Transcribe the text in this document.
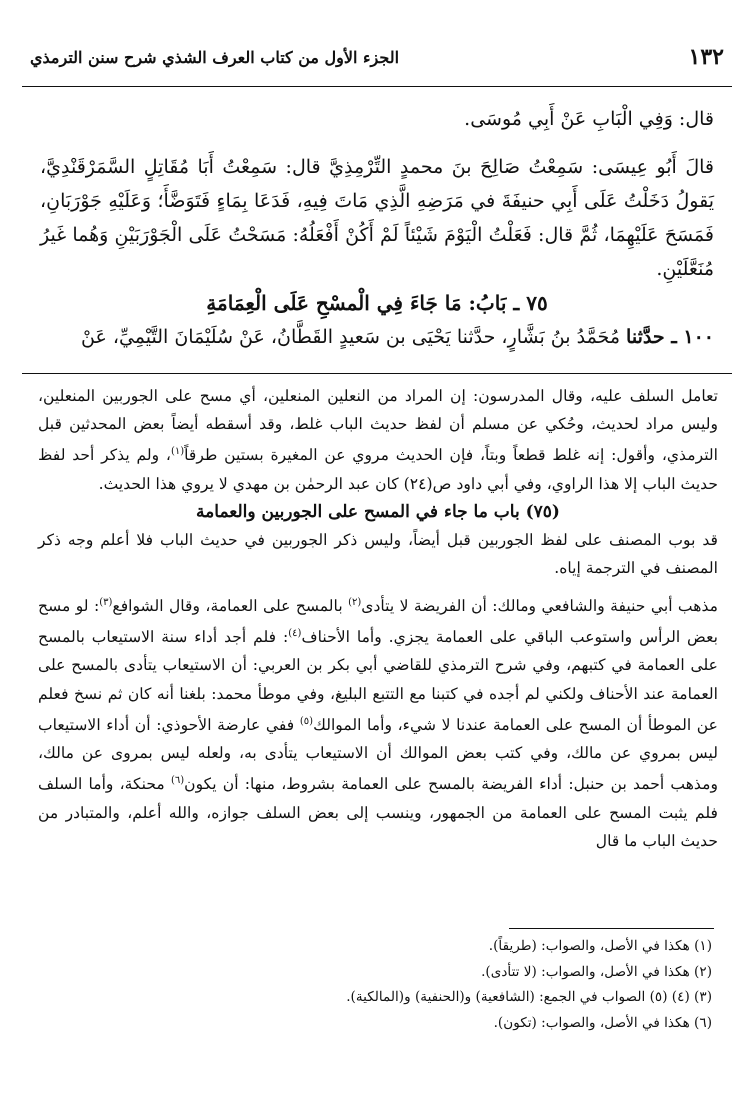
١٣٢
الجزء الأول من كتاب العرف الشذي شرح سنن الترمذي

قال: وَفِي الْبَابِ عَنْ أَبِي مُوسَى.

قالَ أَبُو عِيسَى: سَمِعْتُ صَالِحَ بنَ محمدٍ التِّرْمِذِيَّ قال: سَمِعْتُ أَبَا مُقَاتِلٍ السَّمَرْقَنْدِيَّ، يَقولُ دَخَلْتُ عَلَى أَبِي حنيفَةَ في مَرَضِهِ الَّذِي مَاتَ فِيهِ، فَدَعَا بِمَاءٍ فَتَوَضَّأَ؛ وَعَلَيْهِ جَوْرَبَانِ، فَمَسَحَ عَلَيْهِمَا، ثُمَّ قال: فَعَلْتُ الْيَوْمَ شَيْئاً لَمْ أَكُنْ أَفْعَلُهُ: مَسَحْتُ عَلَى الْجَوْرَبَيْنِ وَهُما غَيرُ مُنَعَّلَيْنِ.

٧٥ ـ بَابُ: مَا جَاءَ فِي الْمسْحِ عَلَى الْعِمَامَةِ

١٠٠ ـ حدَّثنا مُحَمَّدُ بنُ بَشَّارٍ، حدَّثنا يَحْيَى بن سَعيدٍ القَطَّانُ، عَنْ سُلَيْمَانَ التَّيْمِيِّ، عَنْ

تعامل السلف عليه، وقال المدرسون: إن المراد من النعلين المنعلين، أي مسح على الجوربين المنعلين، وليس مراد لحديث، وحُكي عن مسلم أن لفظ حديث الباب غلط، وقد أسقطه أيضاً بعض المحدثين قبل الترمذي، وأقول: إنه غلط قطعاً وبتاً، فإن الحديث مروي عن المغيرة بستين طرقاً$^{(١)}$، ولم يذكر أحد لفظ حديث الباب إلا هذا الراوي، وفي أبي داود ص(٢٤) كان عبد الرحمٰن بن مهدي لا يروي هذا الحديث.

(٧٥) باب ما جاء في المسح على الجوربين والعمامة

قد بوب المصنف على لفظ الجوربين قبل أيضاً، وليس ذكر الجوربين في حديث الباب فلا أعلم وجه ذكر المصنف في الترجمة إياه.

مذهب أبي حنيفة والشافعي ومالك: أن الفريضة لا يتأدى$^{(٢)}$ بالمسح على العمامة، وقال الشوافع$^{(٣)}$: لو مسح بعض الرأس واستوعب الباقي على العمامة يجزي. وأما الأحناف$^{(٤)}$: فلم أجد أداء سنة الاستيعاب بالمسح على العمامة في كتبهم، وفي شرح الترمذي للقاضي أبي بكر بن العربي: أن الاستيعاب يتأدى بالمسح على العمامة عند الأحناف ولكني لم أجده في كتبنا مع التتبع البليغ، وفي موطأ محمد: بلغنا أنه كان ثم نسخ فعلم عن الموطأ أن المسح على العمامة عندنا لا شيء، وأما الموالك$^{(٥)}$ ففي عارضة الأحوذي: أن أداء الاستيعاب ليس بمروي عن مالك، وفي كتب بعض الموالك أن الاستيعاب يتأدى به، ولعله ليس بمروى عن مالك، ومذهب أحمد بن حنبل: أداء الفريضة بالمسح على العمامة بشروط، منها: أن يكون$^{(٦)}$ محنكة، وأما السلف فلم يثبت المسح على العمامة من الجمهور، وينسب إلى بعض السلف جوازه، والله أعلم، والمتبادر من حديث الباب ما قال

(١) هكذا في الأصل، والصواب: (طريقاً).
(٢) هكذا في الأصل، والصواب: (لا تتأدى).
(٣) (٤) (٥) الصواب في الجمع: (الشافعية) و(الحنفية) و(المالكية).
(٦) هكذا في الأصل، والصواب: (تكون).
